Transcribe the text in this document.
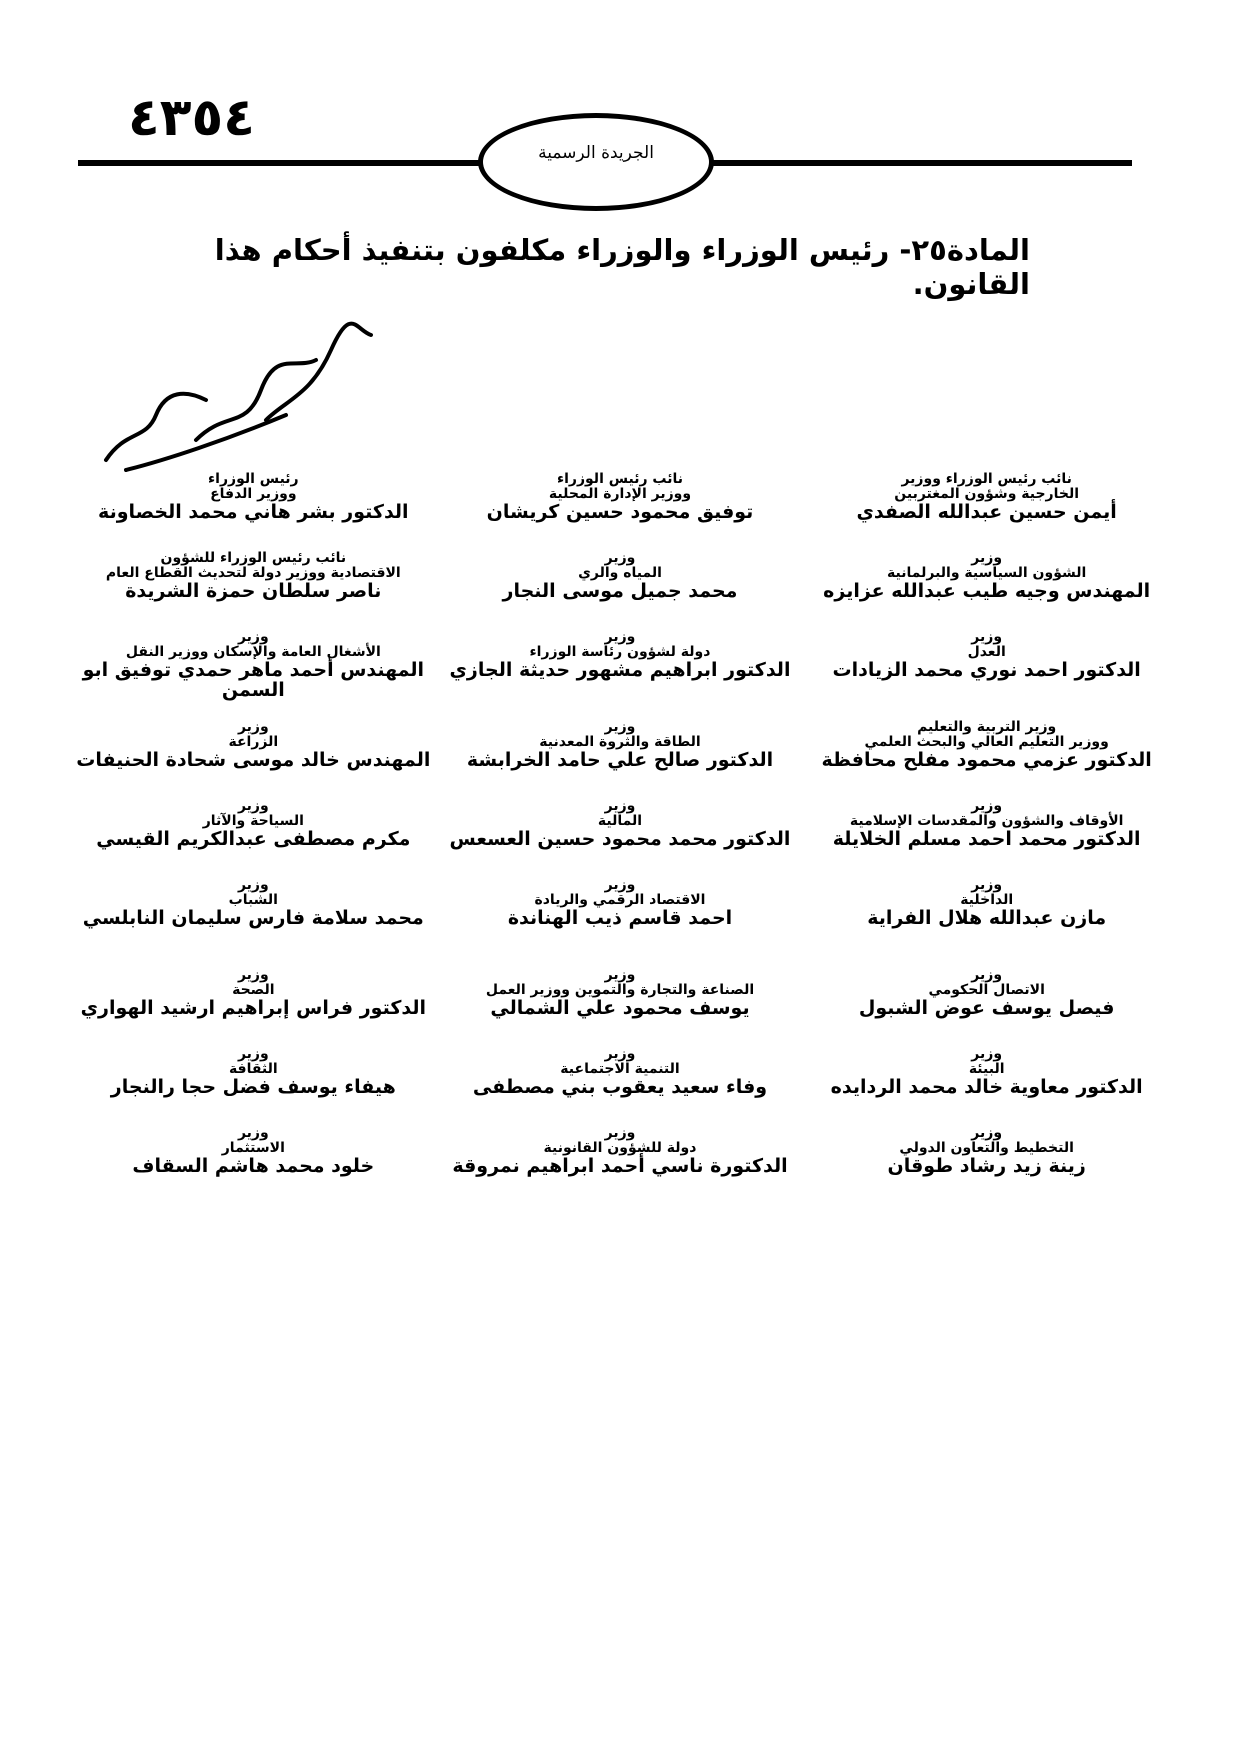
٤٣٥٤
الجريدة الرسمية
المادة٢٥- رئيس الوزراء والوزراء مكلفون بتنفيذ أحكام هذا القانون.
نائب رئيس الوزراء ووزير
الخارجية وشؤون المغتربين
أيمن حسين عبدالله الصفدي
نائب رئيس الوزراء
ووزير الإدارة المحلية
توفيق محمود حسين كريشان
رئيس الوزراء
ووزير الدفاع
الدكتور بشر هاني محمد الخصاونة
وزير
الشؤون السياسية والبرلمانية
المهندس وجيه طيب عبدالله عزايزه
وزير
المياه والري
محمد جميل موسى النجار
نائب رئيس الوزراء للشؤون
الاقتصادية ووزير دولة لتحديث القطاع العام
ناصر سلطان حمزة الشريدة
وزير
العدل
الدكتور احمد نوري محمد الزيادات
وزير
دولة لشؤون رئاسة الوزراء
الدكتور ابراهيم مشهور حديثة الجازي
وزير
الأشغال العامة والإسكان ووزير النقل
المهندس أحمد ماهر حمدي توفيق ابو السمن
وزير التربية والتعليم
ووزير التعليم العالي والبحث العلمي
الدكتور عزمي محمود مفلح محافظة
وزير
الطاقة والثروة المعدنية
الدكتور صالح علي حامد الخرابشة
وزير
الزراعة
المهندس خالد موسى شحادة الحنيفات
وزير
الأوقاف والشؤون والمقدسات الإسلامية
الدكتور محمد احمد مسلم الخلايلة
وزير
المالية
الدكتور محمد محمود حسين العسعس
وزير
السياحة والآثار
مكرم مصطفى عبدالكريم القيسي
وزير
الداخلية
مازن عبدالله هلال الفراية
وزير
الاقتصاد الرقمي والريادة
احمد قاسم ذيب الهناندة
وزير
الشباب
محمد سلامة فارس سليمان النابلسي
وزير
الاتصال الحكومي
فيصل يوسف عوض الشبول
وزير
الصناعة والتجارة والتموين ووزير العمل
يوسف محمود علي الشمالي
وزير
الصحة
الدكتور فراس إبراهيم ارشيد الهواري
وزير
البيئة
الدكتور معاوية خالد محمد الردايده
وزير
التنمية الاجتماعية
وفاء سعيد يعقوب بني مصطفى
وزير
الثقافة
هيفاء يوسف فضل حجا رالنجار
وزير
التخطيط والتعاون الدولي
زينة زيد رشاد طوقان
وزير
دولة للشؤون القانونية
الدكتورة ناسي أحمد ابراهيم نمروقة
وزير
الاستثمار
خلود محمد هاشم السقاف
